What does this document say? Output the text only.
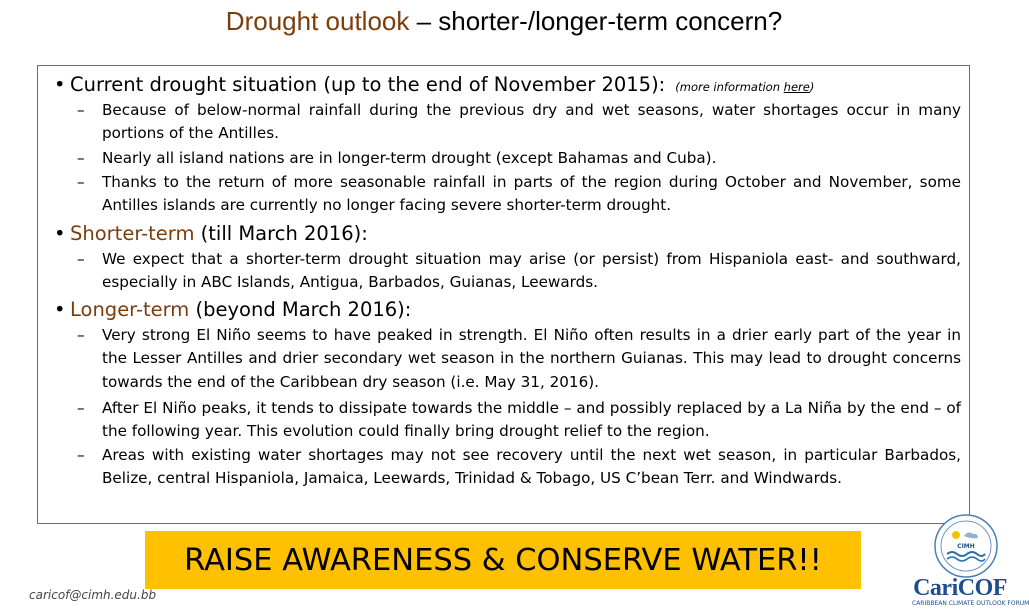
Drought outlook – shorter-/longer-term concern?
• Current drought situation (up to the end of November 2015): (more information here)
–	Because of below-normal rainfall during the previous dry and wet seasons, water shortages occur in many portions of the Antilles.
–	Nearly all island nations are in longer-term drought (except Bahamas and Cuba).
–	Thanks to the return of more seasonable rainfall in parts of the region during October and November, some Antilles islands are currently no longer facing severe shorter-term drought.
• Shorter-term (till March 2016):
–	We expect that a shorter-term drought situation may arise (or persist) from Hispaniola east- and southward, especially in ABC Islands, Antigua, Barbados, Guianas, Leewards.
• Longer-term (beyond March 2016):
–	Very strong El Niño seems to have peaked in strength. El Niño often results in a drier early part of the year in the Lesser Antilles and drier secondary wet season in the northern Guianas. This may lead to drought concerns towards the end of the Caribbean dry season (i.e. May 31, 2016).
–	After El Niño peaks, it tends to dissipate towards the middle – and possibly replaced by a La Niña by the end – of the following year. This evolution could finally bring drought relief to the region.
–	Areas with existing water shortages may not see recovery until the next wet season, in particular Barbados, Belize, central Hispaniola, Jamaica, Leewards, Trinidad & Tobago, US C’bean Terr. and Windwards.
RAISE AWARENESS & CONSERVE WATER!!
caricof@cimh.edu.bb
CIMH
CariCOF
CARIBBEAN CLIMATE OUTLOOK FORUM
